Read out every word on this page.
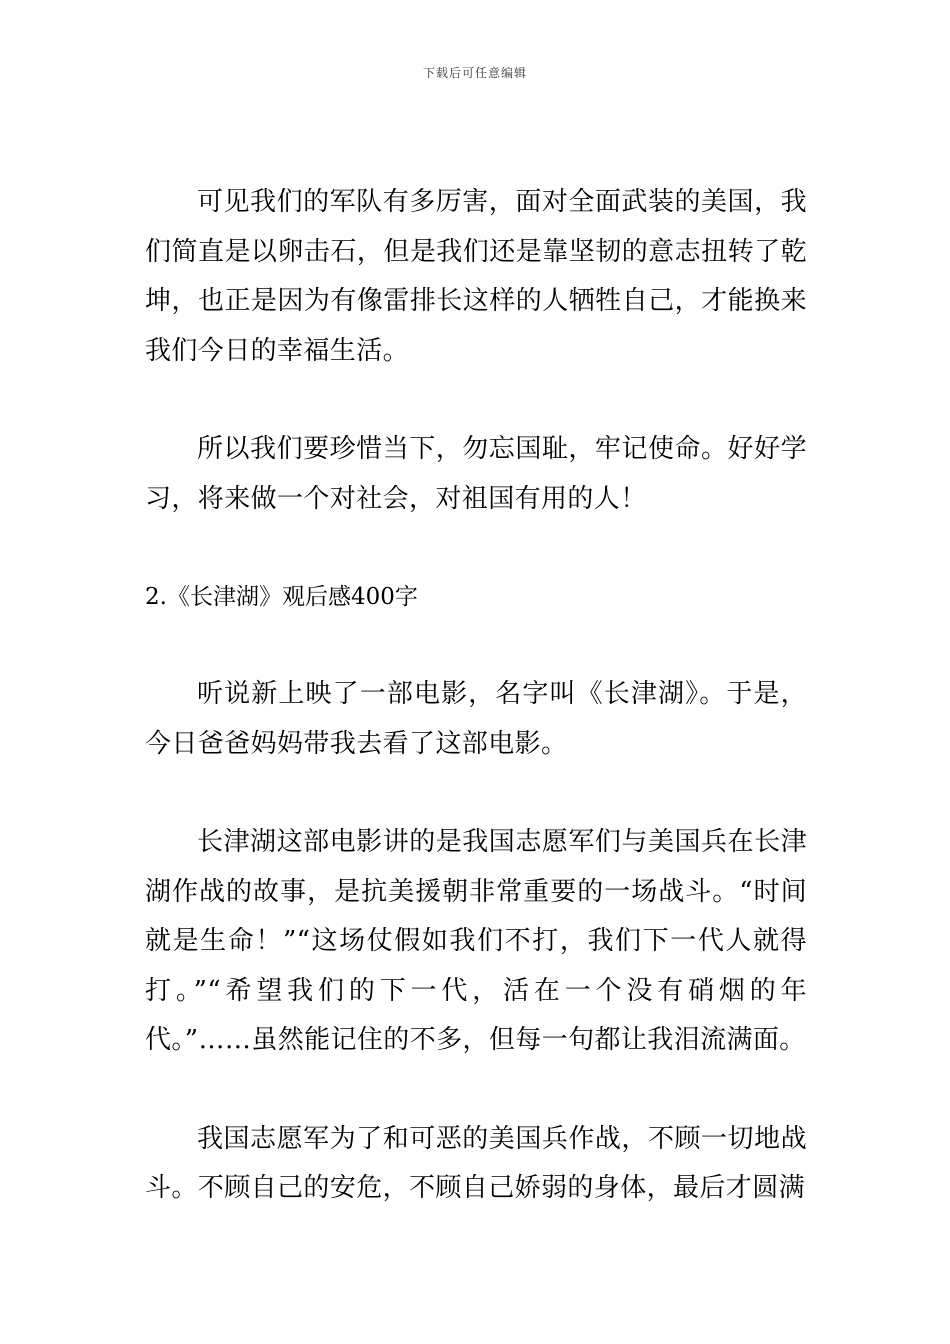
下载后可任意编辑

可见我们的军队有多厉害，面对全面武装的美国，我们简直是以卵击石，但是我们还是靠坚韧的意志扭转了乾坤，也正是因为有像雷排长这样的人牺牲自己，才能换来我们今日的幸福生活。

所以我们要珍惜当下，勿忘国耻，牢记使命。好好学习，将来做一个对社会，对祖国有用的人！

2.《长津湖》观后感400字

听说新上映了一部电影，名字叫《长津湖》。于是，今日爸爸妈妈带我去看了这部电影。

长津湖这部电影讲的是我国志愿军们与美国兵在长津湖作战的故事，是抗美援朝非常重要的一场战斗。“时间就是生命！”“这场仗假如我们不打，我们下一代人就得打。”“希望我们的下一代，活在一个没有硝烟的年代。”……虽然能记住的不多，但每一句都让我泪流满面。

我国志愿军为了和可恶的美国兵作战，不顾一切地战斗。不顾自己的安危，不顾自己娇弱的身体，最后才圆满
